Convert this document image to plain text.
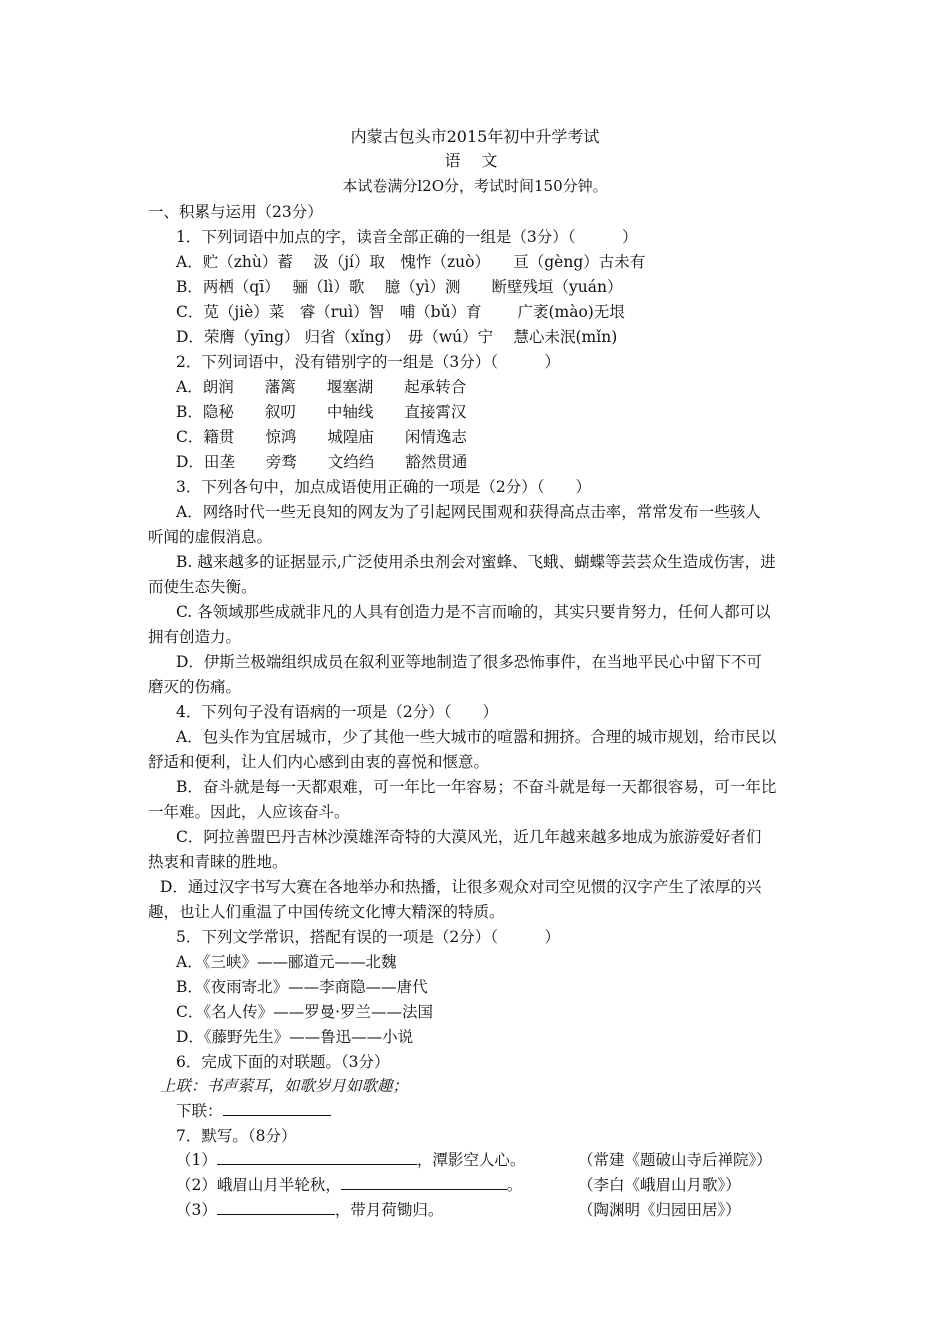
内蒙古包头市2015年初中升学考试
语 文
本试卷满分l2O分，考试时间150分钟。
一、积累与运用（23分）
1．下列词语中加点的字，读音全部正确的一组是（3分）（　　　）
A．贮（zhù）蓄　 汲（jí）取　愧怍（zuò）　　亘（gèng）古未有
B．两栖（qī）　 骊（lì）歌　 臆（yì）测　　断壁残垣（yuán）
C．苋（jiè）菜　睿（ruì）智　哺（bǔ）育　　 广袤(mào)无垠
D．荣膺（yīng） 归省（xǐng）　毋（wú）宁　 慧心未泯(mǐn)
2．下列词语中，没有错别字的一组是（3分）（　　　）
A．朗润　　藩篱　　堰塞湖　　起承转合
B．隐秘　　叙叨　　中轴线　　直接霄汉
C．籍贯　　惊鸿　　城隍庙　　闲情逸志
D．田垄　　旁骛　　文绉绉　　豁然贯通
3．下列各句中，加点成语使用正确的一项是（2分）（　　）
A．网络时代一些无良知的网友为了引起网民围观和获得高点击率，常常发布一些骇人
听闻的虚假消息。
B. 越来越多的证据显示,广泛使用杀虫剂会对蜜蜂、飞蛾、蝴蝶等芸芸众生造成伤害，进
而使生态失衡。
C. 各领域那些成就非凡的人具有创造力是不言而喻的，其实只要肯努力，任何人都可以
拥有创造力。
D．伊斯兰极端组织成员在叙利亚等地制造了很多恐怖事件，在当地平民心中留下不可
磨灭的伤痛。
4．下列句子没有语病的一项是（2分）（　　）
A．包头作为宜居城市，少了其他一些大城市的喧嚣和拥挤。合理的城市规划，给市民以
舒适和便利，让人们内心感到由衷的喜悦和惬意。
B．奋斗就是每一天都艰难，可一年比一年容易；不奋斗就是每一天都很容易，可一年比
一年难。因此，人应该奋斗。
C．阿拉善盟巴丹吉林沙漠雄浑奇特的大漠风光，近几年越来越多地成为旅游爱好者们
热衷和青睐的胜地。
D．通过汉字书写大赛在各地举办和热播，让很多观众对司空见惯的汉字产生了浓厚的兴
趣，也让人们重温了中国传统文化博大精深的特质。
5．下列文学常识，搭配有误的一项是（2分）（　　　）
A．《三峡》——郦道元——北魏
B．《夜雨寄北》——李商隐——唐代
C．《名人传》——罗曼·罗兰——法国
D．《藤野先生》——鲁迅——小说
6．完成下面的对联题。（3分）
上联：书声萦耳，如歌岁月如歌趣；
下联：
7．默写。（8分）
（1）	，潭影空人心。	（常建《题破山寺后禅院》）
（2）峨眉山月半轮秋，	。	（李白《峨眉山月歌》）
（3）	，带月荷锄归。	（陶渊明《归园田居》）
